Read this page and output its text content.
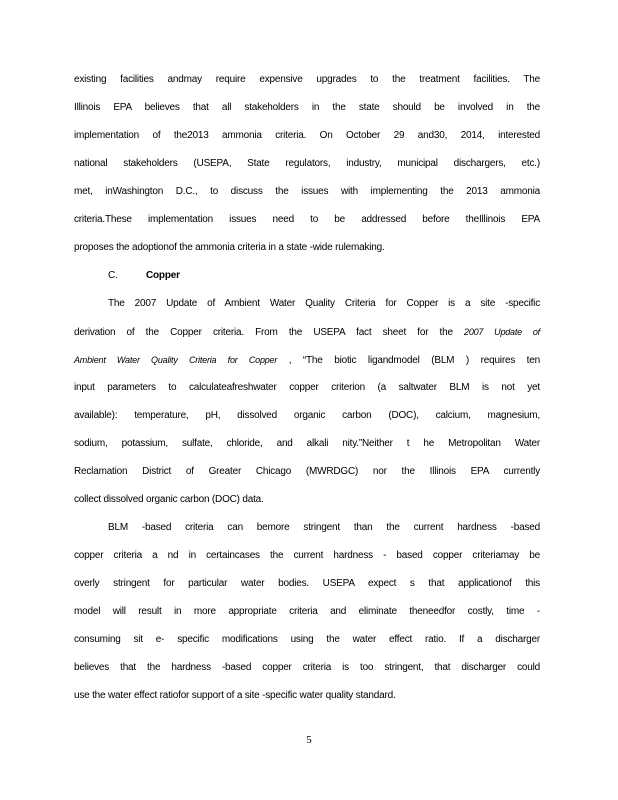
existing facilities andmay require expensive upgrades to the treatment facilities. The
Illinois EPA believes that all stakeholders in the state should be involved in the
implementation of the2013 ammonia criteria. On October 29 and30, 2014, interested
national stakeholders (USEPA, State regulators, industry, municipal dischargers, etc.)
met, inWashington D.C., to discuss the issues with implementing the 2013 ammonia
criteria.These implementation issues need to be addressed before theIllinois EPA
proposes the adoptionof the ammonia criteria in a state -wide rulemaking.
C.	Copper
The 2007 Update of Ambient Water Quality Criteria for Copper is a site -specific
derivation of the Copper criteria. From the USEPA fact sheet for the 2007 Update of
Ambient Water Quality Criteria for Copper , “The biotic ligandmodel (BLM ) requires ten
input parameters to calculateafreshwater copper criterion (a saltwater BLM is not yet
available): temperature, pH, dissolved organic carbon (DOC), calcium, magnesium,
sodium, potassium, sulfate, chloride, and alkali nity.”Neither t he Metropolitan Water
Reclamation District of Greater Chicago (MWRDGC) nor the Illinois EPA currently
collect dissolved organic carbon (DOC) data.
BLM -based criteria can bemore stringent than the current hardness -based
copper criteria a nd in certaincases the current hardness - based copper criteriamay be
overly stringent for particular water bodies. USEPA expect s that applicationof this
model will result in more appropriate criteria and eliminate theneedfor costly, time -
consuming sit e- specific modifications using the water effect ratio. If a discharger
believes that the hardness -based copper criteria is too stringent, that discharger could
use the water effect ratiofor support of a site -specific water quality standard.
5
